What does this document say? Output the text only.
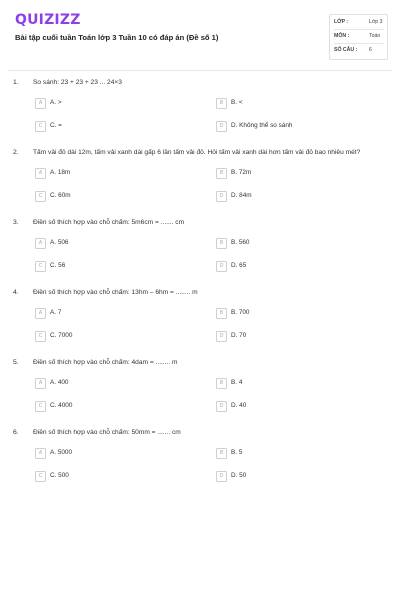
QUIZIZZ
Bài tập cuối tuần Toán lớp 3 Tuần 10 có đáp án (Đề số 1)
LỚP :	Lớp 3
MÔN :	Toán
SỐ CÂU : 6
1. So sánh: 23 + 23 + 23 ... 24×3
A	A. >	B	B. <
C	C. =	D	D. Không thể so sánh
2. Tấm vải đỏ dài 12m, tấm vải xanh dài gấp 6 lần tấm vải đỏ. Hỏi tấm vải xanh dài hơn tấm vải đỏ bao nhiêu mét?
A	A. 18m	B	B. 72m
C	C. 60m	D	D. 84m
3. Điền số thích hợp vào chỗ chấm: 5m6cm = ....... cm
A	A. 506	B	B. 560
C	C. 56	D	D. 65
4. Điền số thích hợp vào chỗ chấm: 13hm – 6hm = ........ m
A	A. 7	B	B. 700
C	C. 7000	D	D. 70
5. Điền số thích hợp vào chỗ chấm: 4dam = ........ m
A	A. 400	B	B. 4
C	C. 4000	D	D. 40
6. Điền số thích hợp vào chỗ chấm: 50mm = ....... cm
A	A. 5000	B	B. 5
C	C. 500	D	D. 50
